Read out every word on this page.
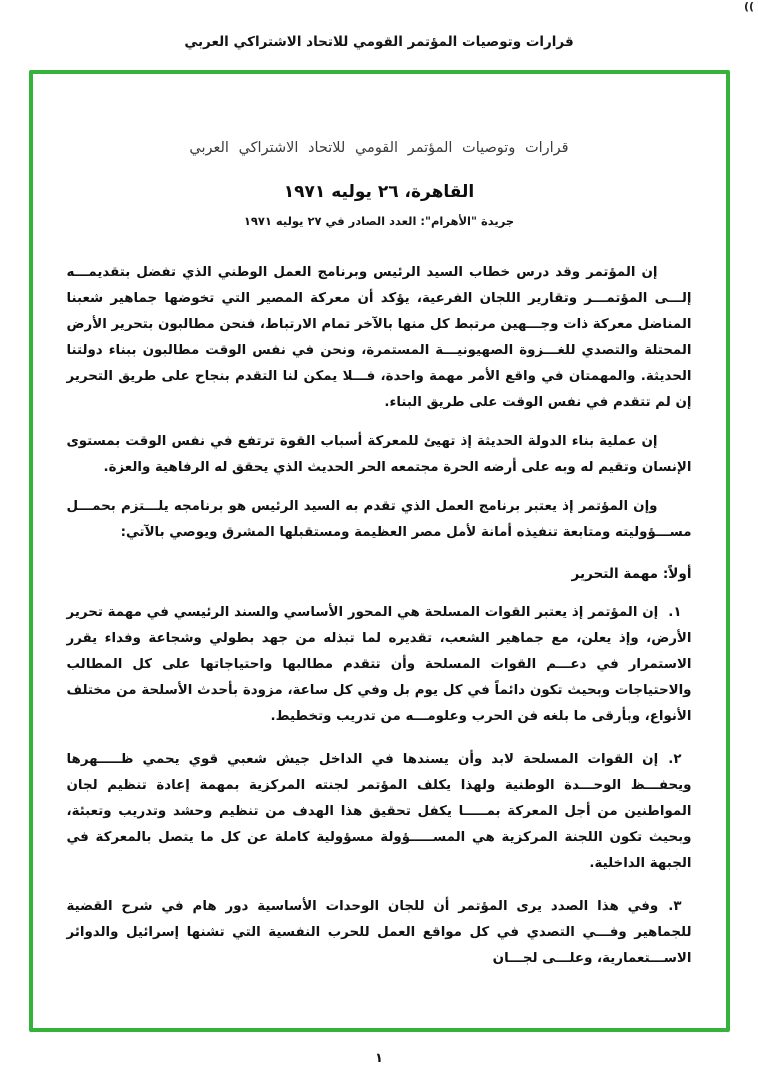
((
قرارات وتوصيات المؤتمر القومي للاتحاد الاشتراكي العربي
قرارات وتوصيات المؤتمر القومي للاتحاد الاشتراكي العربي
القاهرة، ٢٦ يوليه ١٩٧١
جريدة "الأهرام": العدد الصادر في ٢٧ يوليه ١٩٧١

إن المؤتمر وقد درس خطاب السيد الرئيس وبرنامج العمل الوطني الذي تفضل بتقديمـــه إلـــى المؤتمـــر وتقارير اللجان الفرعية، يؤكد أن معركة المصير التي تخوضها جماهير شعبنا المناضل معركة ذات وجـــهين مرتبط كل منها بالآخر تمام الارتباط، فنحن مطالبون بتحرير الأرض المحتلة والتصدي للغـــزوة الصهيونيـــة المستمرة، ونحن في نفس الوقت مطالبون ببناء دولتنا الحديثة. والمهمتان في واقع الأمر مهمة واحدة، فـــلا يمكن لنا التقدم بنجاح على طريق التحرير إن لم تتقدم في نفس الوقت على طريق البناء.

إن عملية بناء الدولة الحديثة إذ تهيئ للمعركة أسباب القوة ترتفع في نفس الوقت بمستوى الإنسان وتقيم له وبه على أرضه الحرة مجتمعه الحر الحديث الذي يحقق له الرفاهية والعزة.

وإن المؤتمر إذ يعتبر برنامج العمل الذي تقدم به السيد الرئيس هو برنامجه يلـــتزم بحمـــل مســـؤوليته ومتابعة تنفيذه أمانة لأمل مصر العظيمة ومستقبلها المشرق ويوصي بالآتي:

أولاً: مهمة التحرير

١.إن المؤتمر إذ يعتبر القوات المسلحة هي المحور الأساسي والسند الرئيسي في مهمة تحرير الأرض، وإذ يعلن، مع جماهير الشعب، تقديره لما تبذله من جهد بطولي وشجاعة وفداء يقرر الاستمرار في دعـــم القوات المسلحة وأن تتقدم مطالبها واحتياجاتها على كل المطالب والاحتياجات وبحيث تكون دائماً في كل يوم بل وفي كل ساعة، مزودة بأحدث الأسلحة من مختلف الأنواع، وبأرقى ما بلغه فن الحرب وعلومـــه من تدريب وتخطيط.

٢.إن القوات المسلحة لابد وأن يسندها في الداخل جيش شعبي قوي يحمي ظـــــهرها ويحفـــظ الوحـــدة الوطنية ولهذا يكلف المؤتمر لجنته المركزية بمهمة إعادة تنظيم لجان المواطنين من أجل المعركة بمـــــا يكفل تحقيق هذا الهدف من تنظيم وحشد وتدريب وتعبئة، وبحيث تكون اللجنة المركزية هي المســـــؤولة مسؤولية كاملة عن كل ما يتصل بالمعركة في الجبهة الداخلية.

٣.وفي هذا الصدد يرى المؤتمر أن للجان الوحدات الأساسية دور هام في شرح القضية للجماهير وفـــي التصدي في كل مواقع العمل للحرب النفسية التي تشنها إسرائيل والدوائر الاســـتعمارية، وعلـــى لجـــان

١
